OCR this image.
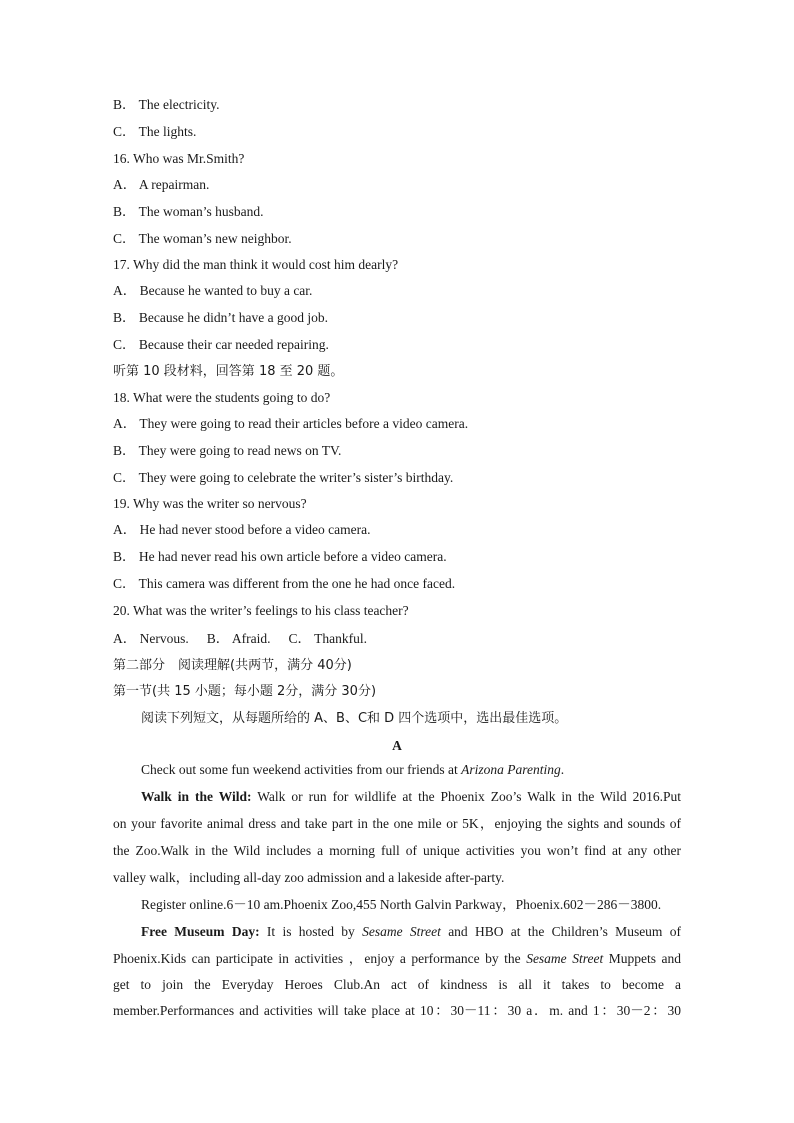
B． The electricity.
C． The lights.
16. Who was Mr.Smith?
A． A repairman.
B． The woman’s husband.
C． The woman’s new neighbor.
17. Why did the man think it would cost him dearly?
A． Because he wanted to buy a car.
B． Because he didn’t have a good job.
C． Because their car needed repairing.
听第 10 段材料，回答第 18 至 20 题。
18. What were the students going to do?
A． They were going to read their articles before a video camera.
B． They were going to read news on TV.
C． They were going to celebrate the writer’s sister’s birthday.
19. Why was the writer so nervous?
A． He had never stood before a video camera.
B． He had never read his own article before a video camera.
C． This camera was different from the one he had once faced.
20. What was the writer’s feelings to his class teacher?
A． Nervous. B． Afraid. C． Thankful.
第二部分　阅读理解(共两节，满分 40分)
第一节(共 15 小题；每小题 2分，满分 30分)
阅读下列短文，从每题所给的 A、B、C和 D 四个选项中，选出最佳选项。
A
Check out some fun weekend activities from our friends at Arizona Parenting.
Walk in the Wild: Walk or run for wildlife at the Phoenix Zoo’s Walk in the Wild 2016.Put
on your favorite animal dress and take part in the one mile or 5K，enjoying the sights and sounds of
the Zoo.Walk in the Wild includes a morning full of unique activities you won’t find at any other
valley walk，including all-day zoo admission and a lakeside after-party.
Register online.6－10 am.Phoenix Zoo,455 North Galvin Parkway，Phoenix.602－286－3800.
Free Museum Day: It is hosted by Sesame Street and HBO at the Children’s Museum of
Phoenix.Kids can participate in activities ，enjoy a performance by the Sesame Street Muppets and
get to join the Everyday Heroes Club.An act of kindness is all it takes to become a
member.Performances and activities will take place at 10：30－11：30 a．m. and 1：30－2：30
